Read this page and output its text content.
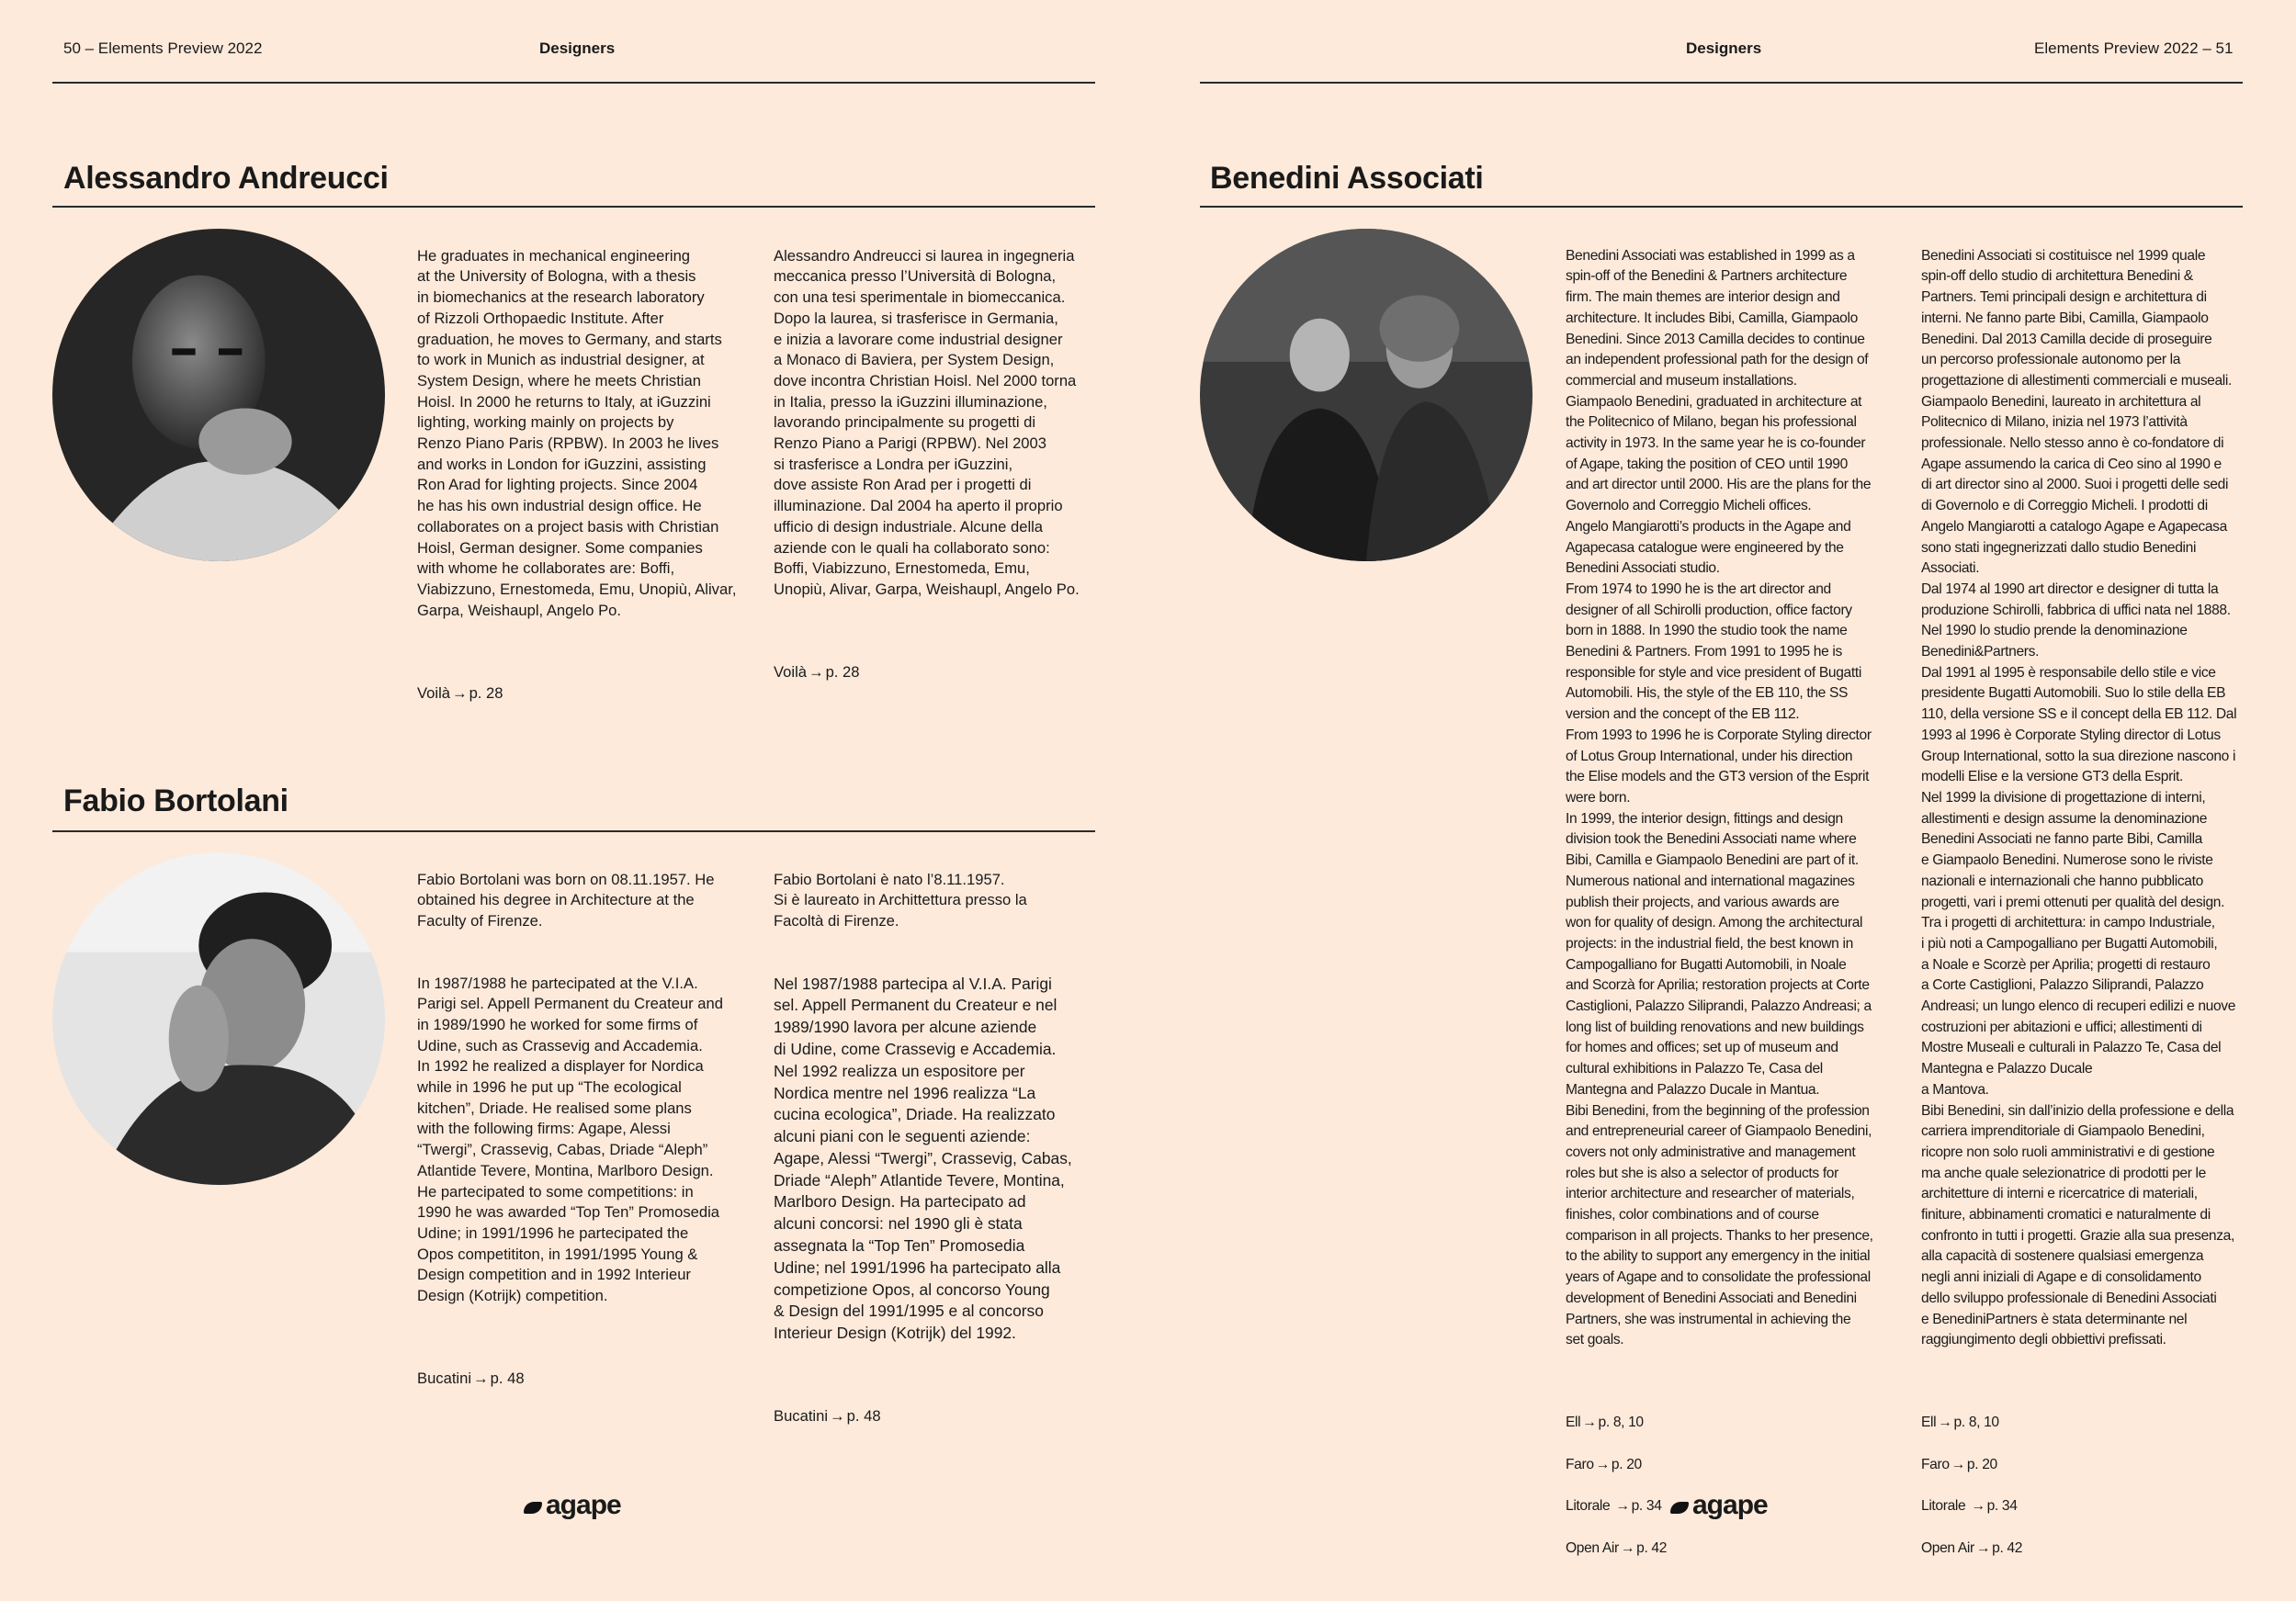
50 – Elements Preview 2022	Designers	Designers	Elements Preview 2022 – 51
Alessandro Andreucci

He graduates in mechanical engineering
at the University of Bologna, with a thesis
in biomechanics at the research laboratory
of Rizzoli Orthopaedic Institute. After
graduation, he moves to Germany, and starts
to work in Munich as industrial designer, at
System Design, where he meets Christian
Hoisl. In 2000 he returns to Italy, at iGuzzini
lighting, working mainly on projects by
Renzo Piano Paris (RPBW). In 2003 he lives
and works in London for iGuzzini, assisting
Ron Arad for lighting projects. Since 2004
he has his own industrial design office. He
collaborates on a project basis with Christian
Hoisl, German designer. Some companies
with whome he collaborates are: Boffi,
Viabizzuno, Ernestomeda, Emu, Unopiù, Alivar,
Garpa, Weishaupl, Angelo Po.

Voilà → p. 28

Alessandro Andreucci si laurea in ingegneria
meccanica presso l’Università di Bologna,
con una tesi sperimentale in biomeccanica.
Dopo la laurea, si trasferisce in Germania,
e inizia a lavorare come industrial designer
a Monaco di Baviera, per System Design,
dove incontra Christian Hoisl. Nel 2000 torna
in Italia, presso la iGuzzini illuminazione,
lavorando principalmente su progetti di
Renzo Piano a Parigi (RPBW). Nel 2003
si trasferisce a Londra per iGuzzini,
dove assiste Ron Arad per i progetti di
illuminazione. Dal 2004 ha aperto il proprio
ufficio di design industriale. Alcune della
aziende con le quali ha collaborato sono:
Boffi, Viabizzuno, Ernestomeda, Emu,
Unopiù, Alivar, Garpa, Weishaupl, Angelo Po.

Voilà → p. 28

Fabio Bortolani

Fabio Bortolani was born on 08.11.1957. He
obtained his degree in Architecture at the
Faculty of Firenze.

In 1987/1988 he partecipated at the V.I.A.
Parigi sel. Appell Permanent du Createur and
in 1989/1990 he worked for some firms of
Udine, such as Crassevig and Accademia.
In 1992 he realized a displayer for Nordica
while in 1996 he put up “The ecological
kitchen”, Driade. He realised some plans
with the following firms: Agape, Alessi
“Twergi”, Crassevig, Cabas, Driade “Aleph”
Atlantide Tevere, Montina, Marlboro Design.
He partecipated to some competitions: in
1990 he was awarded “Top Ten” Promosedia
Udine; in 1991/1996 he partecipated the
Opos competititon, in 1991/1995 Young &
Design competition and in 1992 Interieur
Design (Kotrijk) competition.

Bucatini → p. 48

Fabio Bortolani è nato l’8.11.1957.
Si è laureato in Archittettura presso la
Facoltà di Firenze.

Nel 1987/1988 partecipa al V.I.A. Parigi
sel. Appell Permanent du Createur e nel
1989/1990 lavora per alcune aziende
di Udine, come Crassevig e Accademia.
Nel 1992 realizza un espositore per
Nordica mentre nel 1996 realizza “La
cucina ecologica”, Driade. Ha realizzato
alcuni piani con le seguenti aziende:
Agape, Alessi “Twergi”, Crassevig, Cabas,
Driade “Aleph” Atlantide Tevere, Montina,
Marlboro Design. Ha partecipato ad
alcuni concorsi: nel 1990 gli è stata
assegnata la “Top Ten” Promosedia
Udine; nel 1991/1996 ha partecipato alla
competizione Opos, al concorso Young
& Design del 1991/1995 e al concorso
Interieur Design (Kotrijk) del 1992.

Bucatini → p. 48

Benedini Associati

Benedini Associati was established in 1999 as a
spin-off of the Benedini & Partners architecture
firm. The main themes are interior design and
architecture. It includes Bibi, Camilla, Giampaolo
Benedini. Since 2013 Camilla decides to continue
an independent professional path for the design of
commercial and museum installations.
Giampaolo Benedini, graduated in architecture at
the Politecnico of Milano, began his professional
activity in 1973. In the same year he is co-founder
of Agape, taking the position of CEO until 1990
and art director until 2000. His are the plans for the
Governolo and Correggio Micheli offices.
Angelo Mangiarotti’s products in the Agape and
Agapecasa catalogue were engineered by the
Benedini Associati studio.
From 1974 to 1990 he is the art director and
designer of all Schirolli production, office factory
born in 1888. In 1990 the studio took the name
Benedini & Partners. From 1991 to 1995 he is
responsible for style and vice president of Bugatti
Automobili. His, the style of the EB 110, the SS
version and the concept of the EB 112.
From 1993 to 1996 he is Corporate Styling director
of Lotus Group International, under his direction
the Elise models and the GT3 version of the Esprit
were born.
In 1999, the interior design, fittings and design
division took the Benedini Associati name where
Bibi, Camilla e Giampaolo Benedini are part of it.
Numerous national and international magazines
publish their projects, and various awards are
won for quality of design. Among the architectural
projects: in the industrial field, the best known in
Campogalliano for Bugatti Automobili, in Noale
and Scorzà for Aprilia; restoration projects at Corte
Castiglioni, Palazzo Siliprandi, Palazzo Andreasi; a
long list of building renovations and new buildings
for homes and offices; set up of museum and
cultural exhibitions in Palazzo Te, Casa del
Mantegna and Palazzo Ducale in Mantua.
Bibi Benedini, from the beginning of the profession
and entrepreneurial career of Giampaolo Benedini,
covers not only administrative and management
roles but she is also a selector of products for
interior architecture and researcher of materials,
finishes, color combinations and of course
comparison in all projects. Thanks to her presence,
to the ability to support any emergency in the initial
years of Agape and to consolidate the professional
development of Benedini Associati and Benedini
Partners, she was instrumental in achieving the
set goals.

Ell → p. 8, 10

Faro → p. 20

Litorale → p. 34

Open Air → p. 42

Benedini Associati si costituisce nel 1999 quale
spin-off dello studio di architettura Benedini &
Partners. Temi principali design e architettura di
interni. Ne fanno parte Bibi, Camilla, Giampaolo
Benedini. Dal 2013 Camilla decide di proseguire
un percorso professionale autonomo per la
progettazione di allestimenti commerciali e museali.
Giampaolo Benedini, laureato in architettura al
Politecnico di Milano, inizia nel 1973 l’attività
professionale. Nello stesso anno è co-fondatore di
Agape assumendo la carica di Ceo sino al 1990 e
di art director sino al 2000. Suoi i progetti delle sedi
di Governolo e di Correggio Micheli. I prodotti di
Angelo Mangiarotti a catalogo Agape e Agapecasa
sono stati ingegnerizzati dallo studio Benedini
Associati.
Dal 1974 al 1990 art director e designer di tutta la
produzione Schirolli, fabbrica di uffici nata nel 1888.
Nel 1990 lo studio prende la denominazione
Benedini&Partners.
Dal 1991 al 1995 è responsabile dello stile e vice
presidente Bugatti Automobili. Suo lo stile della EB
110, della versione SS e il concept della EB 112. Dal
1993 al 1996 è Corporate Styling director di Lotus
Group International, sotto la sua direzione nascono i
modelli Elise e la versione GT3 della Esprit.
Nel 1999 la divisione di progettazione di interni,
allestimenti e design assume la denominazione
Benedini Associati ne fanno parte Bibi, Camilla
e Giampaolo Benedini. Numerose sono le riviste
nazionali e internazionali che hanno pubblicato
progetti, vari i premi ottenuti per qualità del design.
Tra i progetti di architettura: in campo Industriale,
i più noti a Campogalliano per Bugatti Automobili,
a Noale e Scorzè per Aprilia; progetti di restauro
a Corte Castiglioni, Palazzo Siliprandi, Palazzo
Andreasi; un lungo elenco di recuperi edilizi e nuove
costruzioni per abitazioni e uffici; allestimenti di
Mostre Museali e culturali in Palazzo Te, Casa del
Mantegna e Palazzo Ducale
a Mantova.
Bibi Benedini, sin dall’inizio della professione e della
carriera imprenditoriale di Giampaolo Benedini,
ricopre non solo ruoli amministrativi e di gestione
ma anche quale selezionatrice di prodotti per le
architetture di interni e ricercatrice di materiali,
finiture, abbinamenti cromatici e naturalmente di
confronto in tutti i progetti. Grazie alla sua presenza,
alla capacità di sostenere qualsiasi emergenza
negli anni iniziali di Agape e di consolidamento
dello sviluppo professionale di Benedini Associati
e BenediniPartners è stata determinante nel
raggiungimento degli obbiettivi prefissati.

Ell → p. 8, 10

Faro → p. 20

Litorale → p. 34

Open Air → p. 42

agape	agape
